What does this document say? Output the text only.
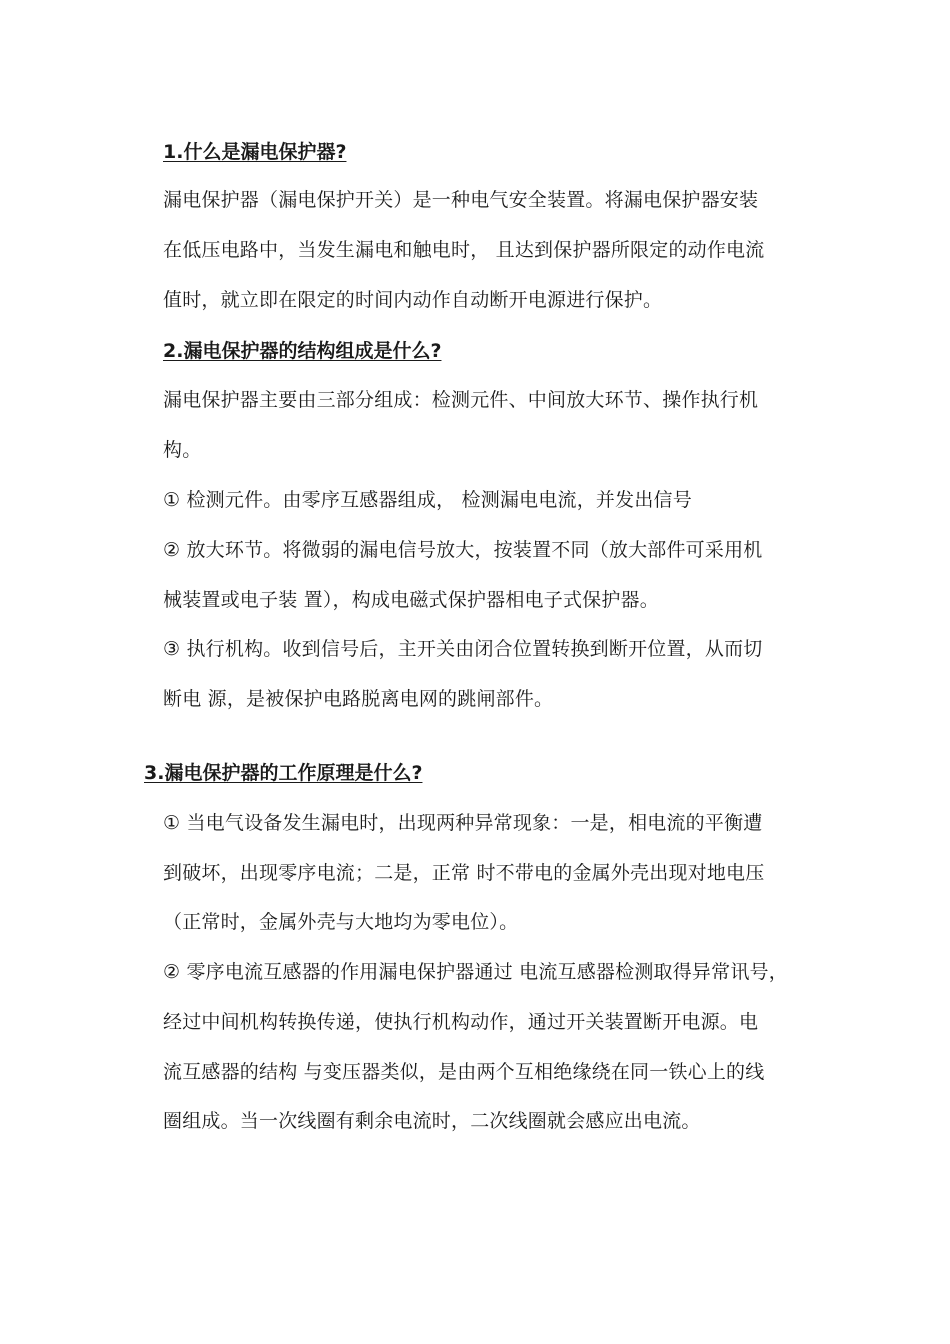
1.什么是漏电保护器?
漏电保护器（漏电保护开关）是一种电气安全装置。将漏电保护器安装
在低压电路中，当发生漏电和触电时， 且达到保护器所限定的动作电流
值时，就立即在限定的时间内动作自动断开电源进行保护。
2.漏电保护器的结构组成是什么?
漏电保护器主要由三部分组成：检测元件、中间放大环节、操作执行机
构。
① 检测元件。由零序互感器组成， 检测漏电电流，并发出信号
② 放大环节。将微弱的漏电信号放大，按装置不同（放大部件可采用机
械装置或电子装 置），构成电磁式保护器相电子式保护器。
③ 执行机构。收到信号后，主开关由闭合位置转换到断开位置，从而切
断电 源，是被保护电路脱离电网的跳闸部件。
3.漏电保护器的工作原理是什么?
① 当电气设备发生漏电时，出现两种异常现象：一是，相电流的平衡遭
到破坏，出现零序电流；二是，正常 时不带电的金属外壳出现对地电压
（正常时，金属外壳与大地均为零电位）。
② 零序电流互感器的作用漏电保护器通过 电流互感器检测取得异常讯号，
经过中间机构转换传递，使执行机构动作，通过开关装置断开电源。电
流互感器的结构 与变压器类似，是由两个互相绝缘绕在同一铁心上的线
圈组成。当一次线圈有剩余电流时，二次线圈就会感应出电流。
